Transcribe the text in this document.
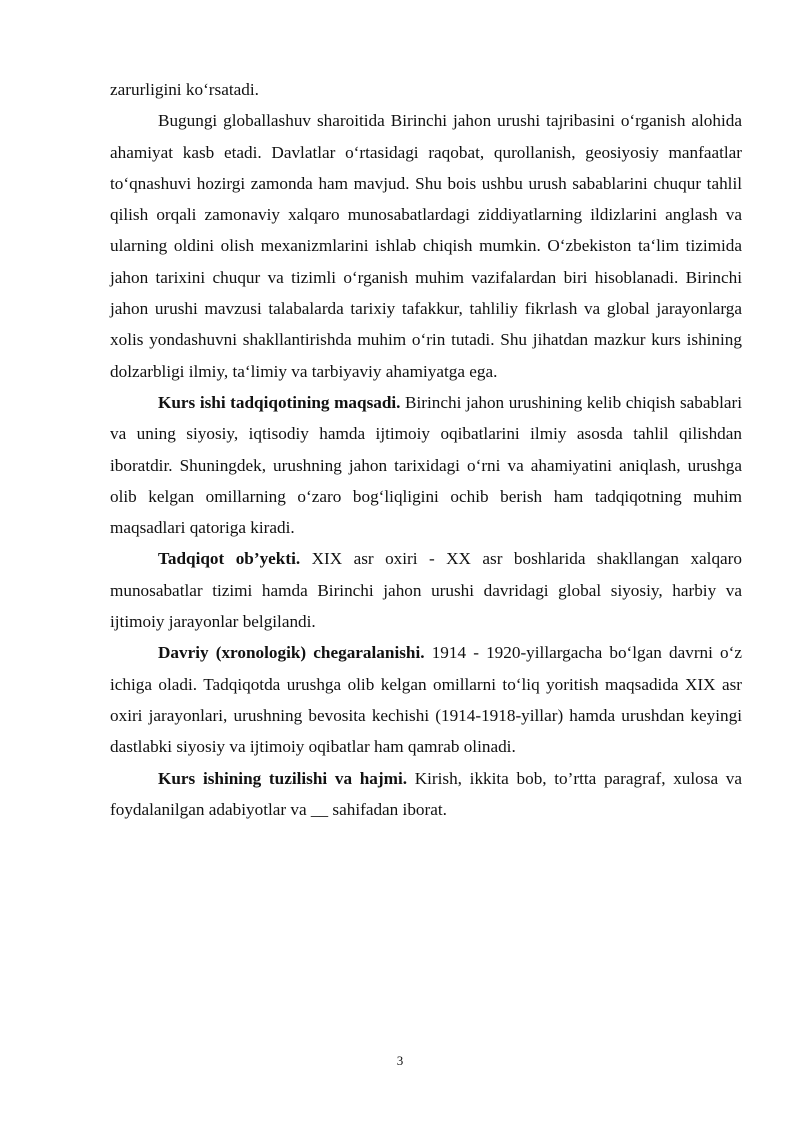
zarurligini ko‘rsatadi.

Bugungi globallashuv sharoitida Birinchi jahon urushi tajribasini o‘rganish alohida ahamiyat kasb etadi. Davlatlar o‘rtasidagi raqobat, qurollanish, geosiyosiy manfaatlar to‘qnashuvi hozirgi zamonda ham mavjud. Shu bois ushbu urush sabablarini chuqur tahlil qilish orqali zamonaviy xalqaro munosabatlardagi ziddiyatlarning ildizlarini anglash va ularning oldini olish mexanizmlarini ishlab chiqish mumkin. O‘zbekiston ta‘lim tizimida jahon tarixini chuqur va tizimli o‘rganish muhim vazifalardan biri hisoblanadi. Birinchi jahon urushi mavzusi talabalarda tarixiy tafakkur, tahliliy fikrlash va global jarayonlarga xolis yondashuvni shakllantirishda muhim o‘rin tutadi. Shu jihatdan mazkur kurs ishining dolzarbligi ilmiy, ta‘limiy va tarbiyaviy ahamiyatga ega.

Kurs ishi tadqiqotining maqsadi. Birinchi jahon urushining kelib chiqish sabablari va uning siyosiy, iqtisodiy hamda ijtimoiy oqibatlarini ilmiy asosda tahlil qilishdan iboratdir. Shuningdek, urushning jahon tarixidagi o‘rni va ahamiyatini aniqlash, urushga olib kelgan omillarning o‘zaro bog‘liqligini ochib berish ham tadqiqotning muhim maqsadlari qatoriga kiradi.

Tadqiqot ob’yekti. XIX asr oxiri - XX asr boshlarida shakllangan xalqaro munosabatlar tizimi hamda Birinchi jahon urushi davridagi global siyosiy, harbiy va ijtimoiy jarayonlar belgilandi.

Davriy (xronologik) chegaralanishi. 1914 - 1920-yillargacha bo‘lgan davrni o‘z ichiga oladi. Tadqiqotda urushga olib kelgan omillarni to‘liq yoritish maqsadida XIX asr oxiri jarayonlari, urushning bevosita kechishi (1914-1918-yillar) hamda urushdan keyingi dastlabki siyosiy va ijtimoiy oqibatlar ham qamrab olinadi.

Kurs ishining tuzilishi va hajmi. Kirish, ikkita bob, to’rtta paragraf, xulosa va foydalanilgan adabiyotlar va __ sahifadan iborat.

3
